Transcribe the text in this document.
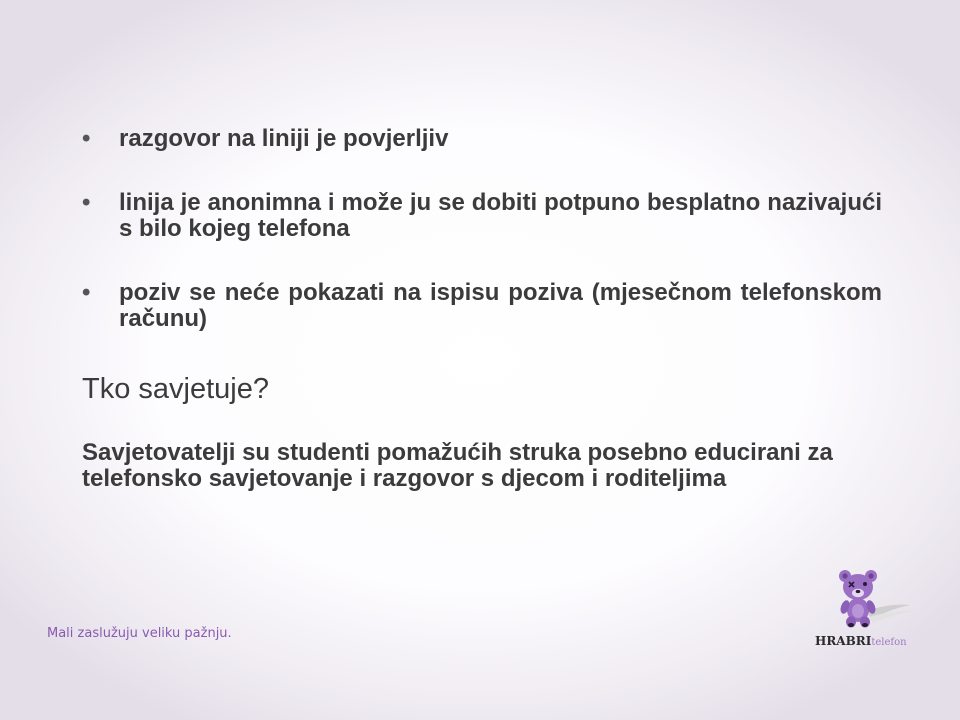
• razgovor na liniji je povjerljiv
• linija je anonimna i može ju se dobiti potpuno besplatno nazivajući s bilo kojeg telefona
• poziv se neće pokazati na ispisu poziva (mjesečnom telefonskom računu)
Tko savjetuje?

Savjetovatelji su studenti pomažućih struka posebno educirani za telefonsko savjetovanje i razgovor s djecom i roditeljima

Mali zaslužuju veliku pažnju.	HRABRItelefon
